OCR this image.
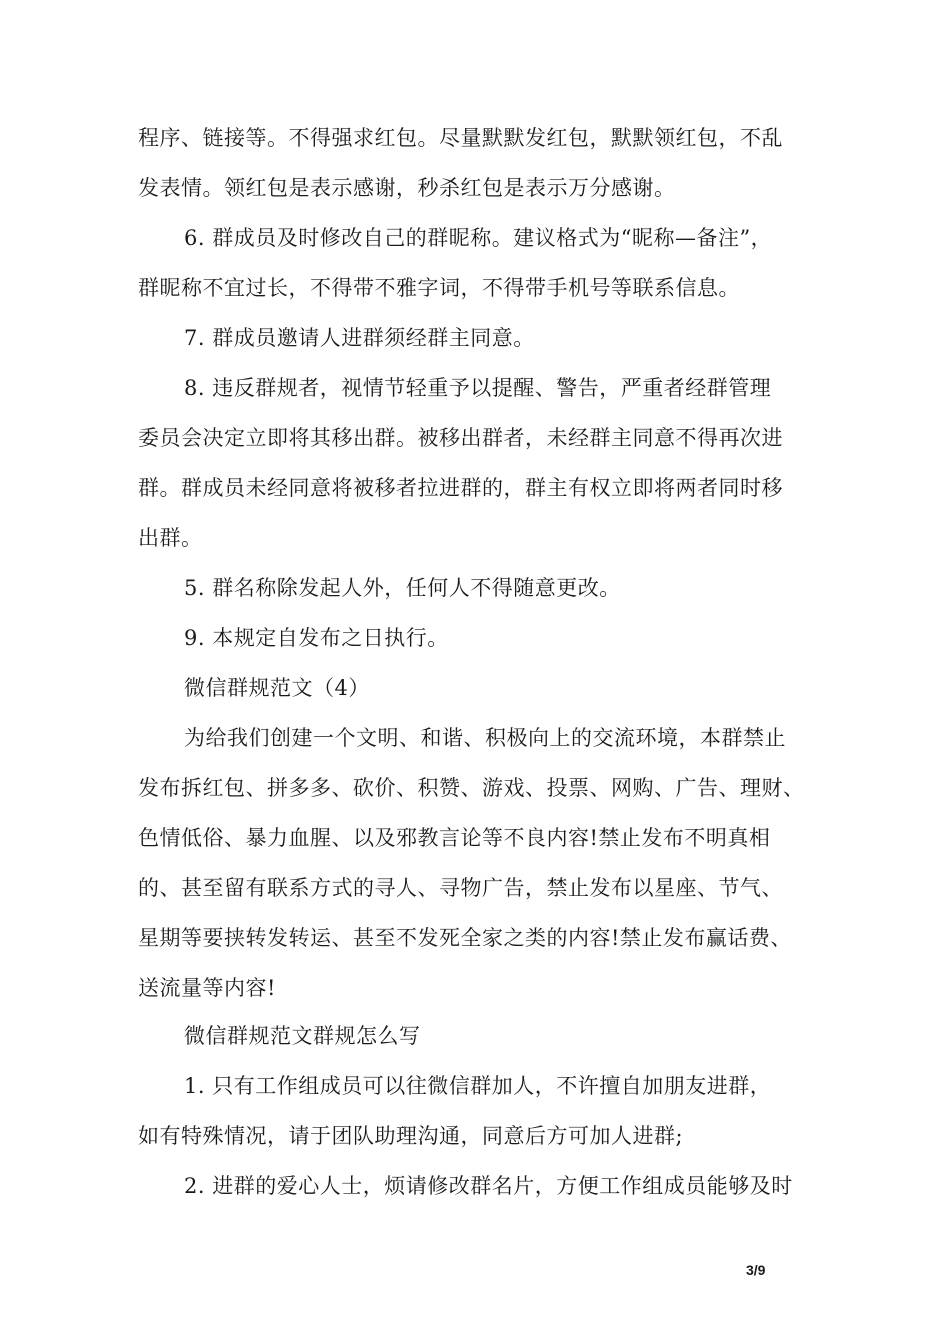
程序、链接等。不得强求红包。尽量默默发红包，默默领红包，不乱
发表情。领红包是表示感谢，秒杀红包是表示万分感谢。
6. 群成员及时修改自己的群昵称。建议格式为“昵称—备注”，
群昵称不宜过长，不得带不雅字词，不得带手机号等联系信息。
7. 群成员邀请人进群须经群主同意。
8. 违反群规者，视情节轻重予以提醒、警告，严重者经群管理
委员会决定立即将其移出群。被移出群者，未经群主同意不得再次进
群。群成员未经同意将被移者拉进群的，群主有权立即将两者同时移
出群。
5. 群名称除发起人外，任何人不得随意更改。
9. 本规定自发布之日执行。
微信群规范文（4）
为给我们创建一个文明、和谐、积极向上的交流环境，本群禁止
发布拆红包、拼多多、砍价、积赞、游戏、投票、网购、广告、理财、
色情低俗、暴力血腥、以及邪教言论等不良内容!禁止发布不明真相
的、甚至留有联系方式的寻人、寻物广告，禁止发布以星座、节气、
星期等要挟转发转运、甚至不发死全家之类的内容!禁止发布赢话费、
送流量等内容!
微信群规范文群规怎么写
1. 只有工作组成员可以往微信群加人，不许擅自加朋友进群，
如有特殊情况，请于团队助理沟通，同意后方可加人进群;
2. 进群的爱心人士，烦请修改群名片，方便工作组成员能够及时
3/9
